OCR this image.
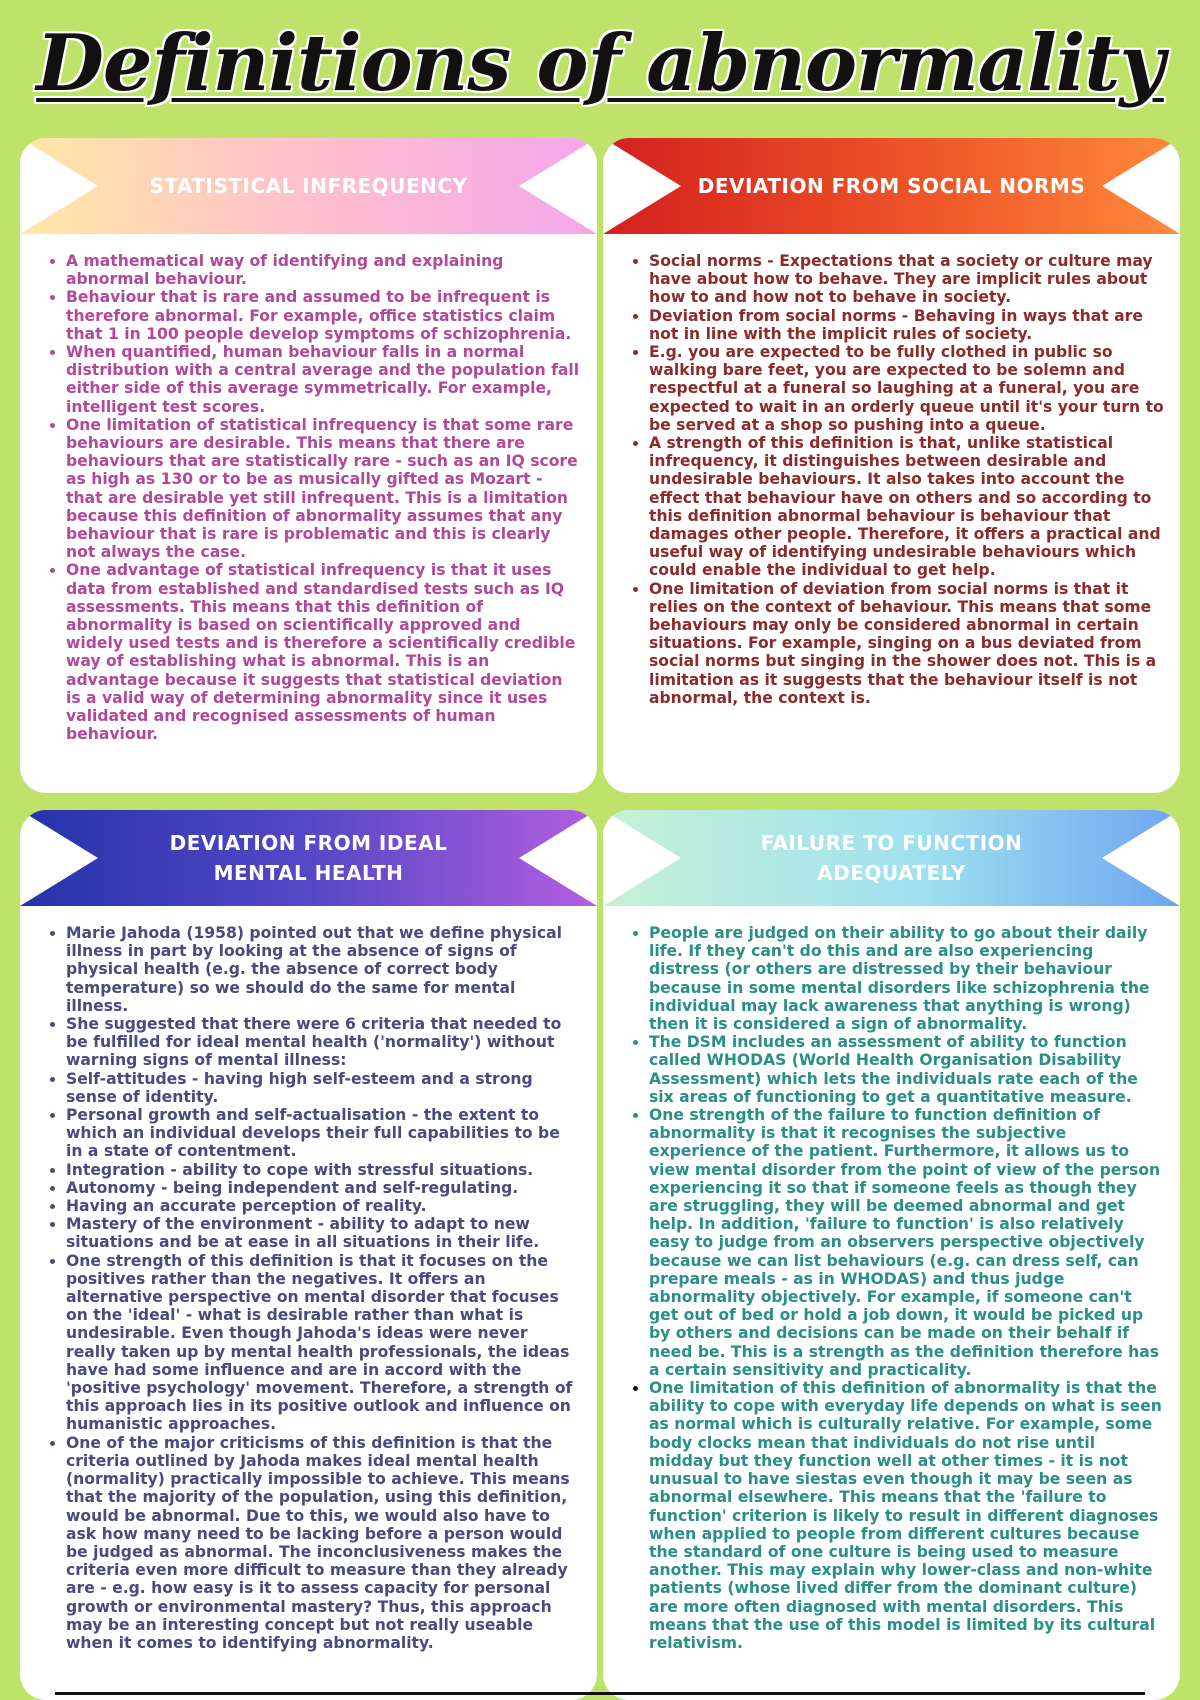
Definitions of abnormality
STATISTICAL INFREQUENCY
• A mathematical way of identifying and explaining abnormal behaviour.
• Behaviour that is rare and assumed to be infrequent is therefore abnormal. For example, office statistics claim that 1 in 100 people develop symptoms of schizophrenia.
• When quantified, human behaviour falls in a normal distribution with a central average and the population fall either side of this average symmetrically. For example, intelligent test scores.
• One limitation of statistical infrequency is that some rare behaviours are desirable. This means that there are behaviours that are statistically rare - such as an IQ score as high as 130 or to be as musically gifted as Mozart - that are desirable yet still infrequent. This is a limitation because this definition of abnormality assumes that any behaviour that is rare is problematic and this is clearly not always the case.
• One advantage of statistical infrequency is that it uses data from established and standardised tests such as IQ assessments. This means that this definition of abnormality is based on scientifically approved and widely used tests and is therefore a scientifically credible way of establishing what is abnormal. This is an advantage because it suggests that statistical deviation is a valid way of determining abnormality since it uses validated and recognised assessments of human behaviour.
DEVIATION FROM SOCIAL NORMS
• Social norms - Expectations that a society or culture may have about how to behave. They are implicit rules about how to and how not to behave in society.
• Deviation from social norms - Behaving in ways that are not in line with the implicit rules of society.
• E.g. you are expected to be fully clothed in public so walking bare feet, you are expected to be solemn and respectful at a funeral so laughing at a funeral, you are expected to wait in an orderly queue until it's your turn to be served at a shop so pushing into a queue.
• A strength of this definition is that, unlike statistical infrequency, it distinguishes between desirable and undesirable behaviours. It also takes into account the effect that behaviour have on others and so according to this definition abnormal behaviour is behaviour that damages other people. Therefore, it offers a practical and useful way of identifying undesirable behaviours which could enable the individual to get help.
• One limitation of deviation from social norms is that it relies on the context of behaviour. This means that some behaviours may only be considered abnormal in certain situations. For example, singing on a bus deviated from social norms but singing in the shower does not. This is a limitation as it suggests that the behaviour itself is not abnormal, the context is.
DEVIATION FROM IDEAL
MENTAL HEALTH
• Marie Jahoda (1958) pointed out that we define physical illness in part by looking at the absence of signs of physical health (e.g. the absence of correct body temperature) so we should do the same for mental illness.
• She suggested that there were 6 criteria that needed to be fulfilled for ideal mental health ('normality') without warning signs of mental illness:
• Self-attitudes - having high self-esteem and a strong sense of identity.
• Personal growth and self-actualisation - the extent to which an individual develops their full capabilities to be in a state of contentment.
• Integration - ability to cope with stressful situations.
• Autonomy - being independent and self-regulating.
• Having an accurate perception of reality.
• Mastery of the environment - ability to adapt to new situations and be at ease in all situations in their life.
• One strength of this definition is that it focuses on the positives rather than the negatives. It offers an alternative perspective on mental disorder that focuses on the 'ideal' - what is desirable rather than what is undesirable. Even though Jahoda's ideas were never really taken up by mental health professionals, the ideas have had some influence and are in accord with the 'positive psychology' movement. Therefore, a strength of this approach lies in its positive outlook and influence on humanistic approaches.
• One of the major criticisms of this definition is that the criteria outlined by Jahoda makes ideal mental health (normality) practically impossible to achieve. This means that the majority of the population, using this definition, would be abnormal. Due to this, we would also have to ask how many need to be lacking before a person would be judged as abnormal. The inconclusiveness makes the criteria even more difficult to measure than they already are - e.g. how easy is it to assess capacity for personal growth or environmental mastery? Thus, this approach may be an interesting concept but not really useable when it comes to identifying abnormality.
FAILURE TO FUNCTION
ADEQUATELY
• People are judged on their ability to go about their daily life. If they can't do this and are also experiencing distress (or others are distressed by their behaviour because in some mental disorders like schizophrenia the individual may lack awareness that anything is wrong) then it is considered a sign of abnormality.
• The DSM includes an assessment of ability to function called WHODAS (World Health Organisation Disability Assessment) which lets the individuals rate each of the six areas of functioning to get a quantitative measure.
• One strength of the failure to function definition of abnormality is that it recognises the subjective experience of the patient. Furthermore, it allows us to view mental disorder from the point of view of the person experiencing it so that if someone feels as though they are struggling, they will be deemed abnormal and get help. In addition, 'failure to function' is also relatively easy to judge from an observers perspective objectively because we can list behaviours (e.g. can dress self, can prepare meals - as in WHODAS) and thus judge abnormality objectively. For example, if someone can't get out of bed or hold a job down, it would be picked up by others and decisions can be made on their behalf if need be. This is a strength as the definition therefore has a certain sensitivity and practicality.
• One limitation of this definition of abnormality is that the ability to cope with everyday life depends on what is seen as normal which is culturally relative. For example, some body clocks mean that individuals do not rise until midday but they function well at other times - it is not unusual to have siestas even though it may be seen as abnormal elsewhere. This means that the 'failure to function' criterion is likely to result in different diagnoses when applied to people from different cultures because the standard of one culture is being used to measure another. This may explain why lower-class and non-white patients (whose lived differ from the dominant culture) are more often diagnosed with mental disorders. This means that the use of this model is limited by its cultural relativism.
